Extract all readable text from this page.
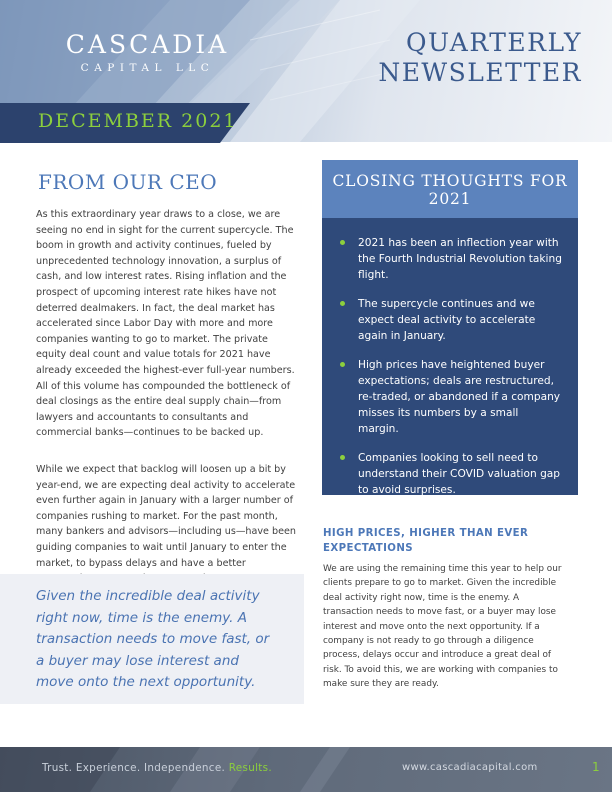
CASCADIA
CAPITAL LLC
QUARTERLY
NEWSLETTER
DECEMBER 2021
FROM OUR CEO

As this extraordinary year draws to a close, we are seeing no end in sight for the current supercycle. The boom in growth and activity continues, fueled by unprecedented technology innovation, a surplus of cash, and low interest rates. Rising inflation and the prospect of upcoming interest rate hikes have not deterred dealmakers. In fact, the deal market has accelerated since Labor Day with more and more companies wanting to go to market. The private equity deal count and value totals for 2021 have already exceeded the highest-ever full-year numbers. All of this volume has compounded the bottleneck of deal closings as the entire deal supply chain—from lawyers and accountants to consultants and commercial banks—continues to be backed up.

While we expect that backlog will loosen up a bit by year-end, we are expecting deal activity to accelerate even further again in January with a larger number of companies rushing to market. For the past month, many bankers and advisors—including us—have been guiding companies to wait until January to enter the market, to bypass delays and have a better

Given the incredible deal activity right now, time is the enemy. A transaction needs to move fast, or a buyer may lose interest and move onto the next opportunity.

CLOSING THOUGHTS FOR 2021
2021 has been an inflection year with the Fourth Industrial Revolution taking flight.
The supercycle continues and we expect deal activity to accelerate again in January.
High prices have heightened buyer expectations; deals are restructured, re-traded, or abandoned if a company misses its numbers by a small margin.
Companies looking to sell need to understand their COVID valuation gap to avoid surprises.
HIGH PRICES, HIGHER THAN EVER EXPECTATIONS

We are using the remaining time this year to help our clients prepare to go to market. Given the incredible deal activity right now, time is the enemy. A transaction needs to move fast, or a buyer may lose interest and move onto the next opportunity. If a company is not ready to go through a diligence process, delays occur and introduce a great deal of risk. To avoid this, we are working with companies to make sure they are ready.

Trust. Experience. Independence. Results.	www.cascadiacapital.com	1
